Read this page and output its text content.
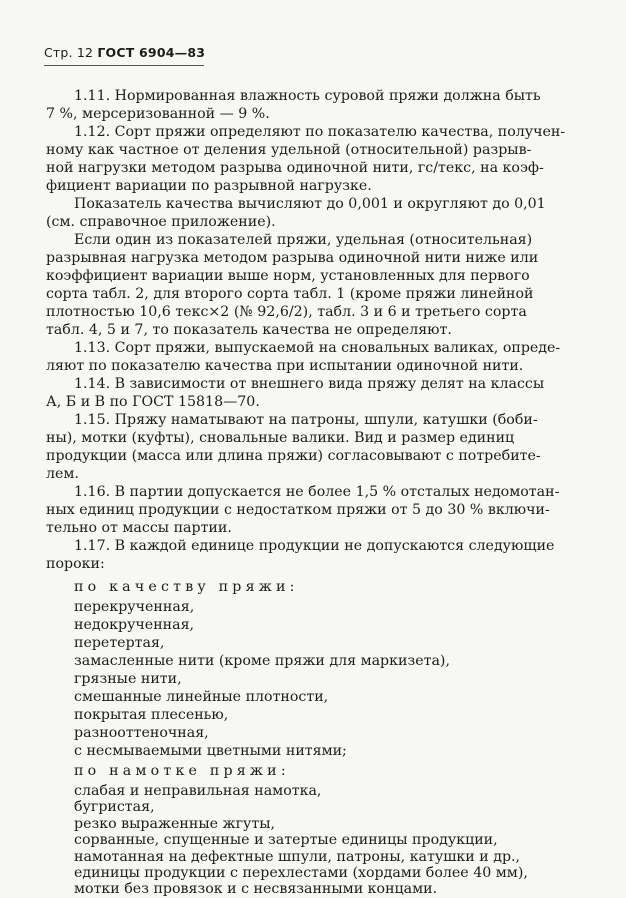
Стр. 12 ГОСТ 6904—83
1.11. Нормированная влажность суровой пряжи должна быть
7 %, мерсеризованной — 9 %.
1.12. Сорт пряжи определяют по показателю качества, получен-
ному как частное от деления удельной (относительной) разрыв-
ной нагрузки методом разрыва одиночной нити, гс/текс, на коэф-
фициент вариации по разрывной нагрузке.
Показатель качества вычисляют до 0,001 и округляют до 0,01
(см. справочное приложение).
Если один из показателей пряжи, удельная (относительная)
разрывная нагрузка методом разрыва одиночной нити ниже или
коэффициент вариации выше норм, установленных для первого
сорта табл. 2, для второго сорта табл. 1 (кроме пряжи линейной
плотностью 10,6 текс×2 (№ 92,6/2), табл. 3 и 6 и третьего сорта
табл. 4, 5 и 7, то показатель качества не определяют.
1.13. Сорт пряжи, выпускаемой на сновальных валиках, опреде-
ляют по показателю качества при испытании одиночной нити.
1.14. В зависимости от внешнего вида пряжу делят на классы
А, Б и В по ГОСТ 15818—70.
1.15. Пряжу наматывают на патроны, шпули, катушки (боби-
ны), мотки (куфты), сновальные валики. Вид и размер единиц
продукции (масса или длина пряжи) согласовывают с потребите-
лем.
1.16. В партии допускается не более 1,5 % отсталых недомотан-
ных единиц продукции с недостатком пряжи от 5 до 30 % включи-
тельно от массы партии.
1.17. В каждой единице продукции не допускаются следующие
пороки:
по качеству пряжи:
перекрученная,
недокрученная,
перетертая,
замасленные нити (кроме пряжи для маркизета),
грязные нити,
смешанные линейные плотности,
покрытая плесенью,
разнооттеночная,
с несмываемыми цветными нитями;
по намотке пряжи:
слабая и неправильная намотка,
бугристая,
резко выраженные жгуты,
сорванные, спущенные и затертые единицы продукции,
намотанная на дефектные шпули, патроны, катушки и др.,
единицы продукции с перехлестами (хордами более 40 мм),
мотки без провязок и с несвязанными концами.
